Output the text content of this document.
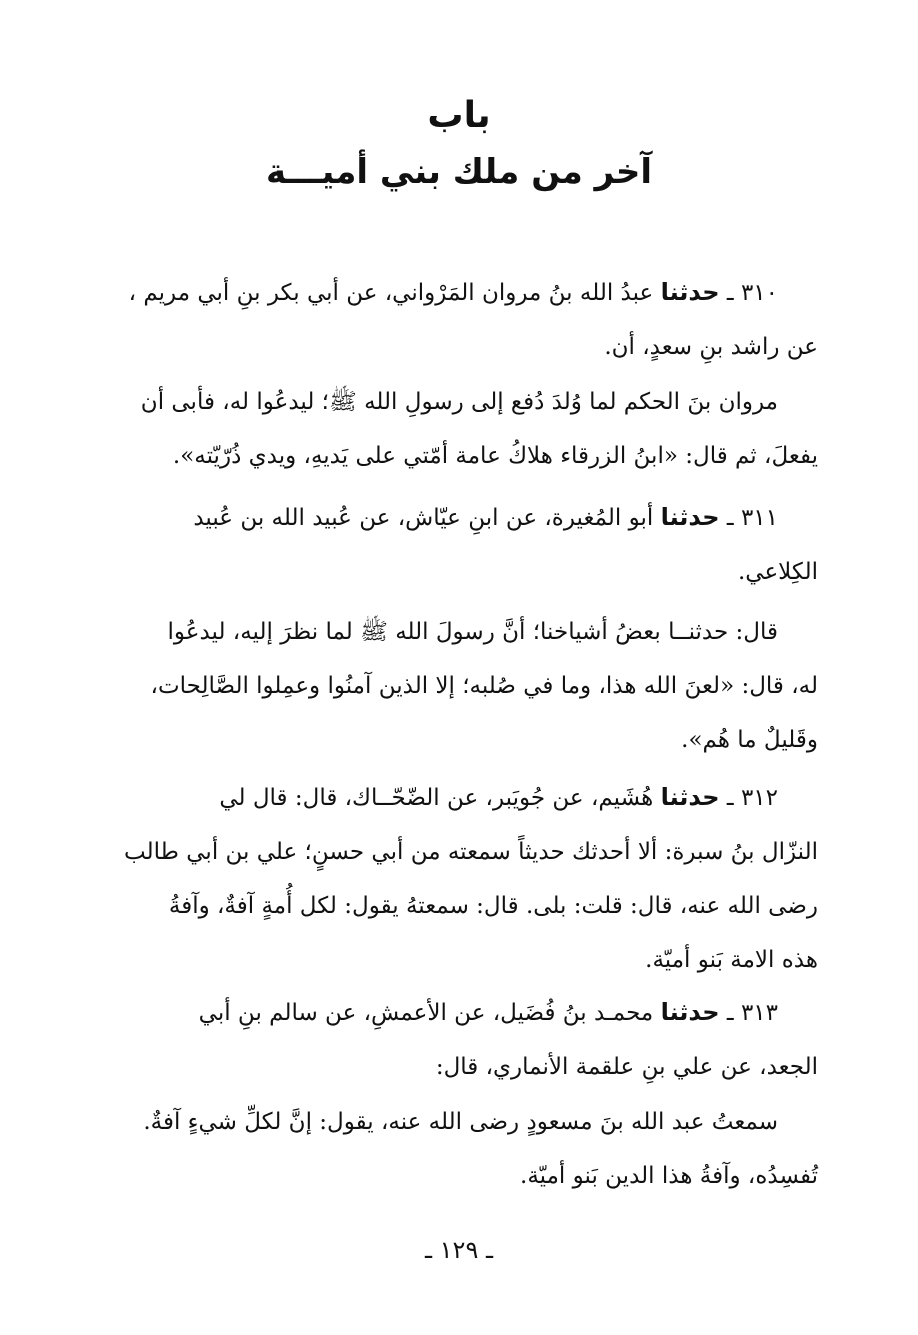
باب
آخر من ملك بني أميـــة
٣١٠ ـ حدثنا عبدُ الله بنُ مروان المَرْواني، عن أبي بكر بنِ أبي مريم ،
عن راشد بنِ سعدٍ، أن.
مروان بنَ الحكم لما وُلدَ دُفع إلى رسولِ الله ﷺ؛ ليدعُوا له، فأبى أن
يفعلَ، ثم قال: «ابنُ الزرقاء هلاكُ عامة أمّتي على يَديهِ، ويدي ذُرّيّته».
٣١١ ـ حدثنا أبو المُغيرة، عن ابنِ عيّاش، عن عُبيد الله بن عُبيد
الكِلاعي.
قال: حدثنــا بعضُ أشياخنا؛ أنَّ رسولَ الله ﷺ لما نظرَ إليه، ليدعُوا
له، قال: «لعنَ الله هذا، وما في صُلبه؛ إلا الذين آمنُوا وعمِلوا الصَّالِحات،
وقَليلٌ ما هُم».
٣١٢ ـ حدثنا هُشَيم، عن جُويَبر، عن الضّحّــاك، قال: قال لي
النزّال بنُ سبرة: ألا أحدثك حديثاً سمعته من أبي حسنٍ؛ علي بن أبي طالب
رضى الله عنه، قال: قلت: بلى. قال: سمعتهُ يقول: لكل أُمةٍ آفةٌ، وآفةُ
هذه الامة بَنو أميّة.
٣١٣ ـ حدثنا محمـد بنُ فُضَيل، عن الأعمشِ، عن سالم بنِ أبي
الجعد، عن علي بنِ علقمة الأنماري، قال:
سمعتُ عبد الله بنَ مسعودٍ رضى الله عنه، يقول: إنَّ لكلِّ شيءٍ آفةٌ.
تُفسِدُه، وآفةُ هذا الدين بَنو أميّة.
ـ ١٢٩ ـ
